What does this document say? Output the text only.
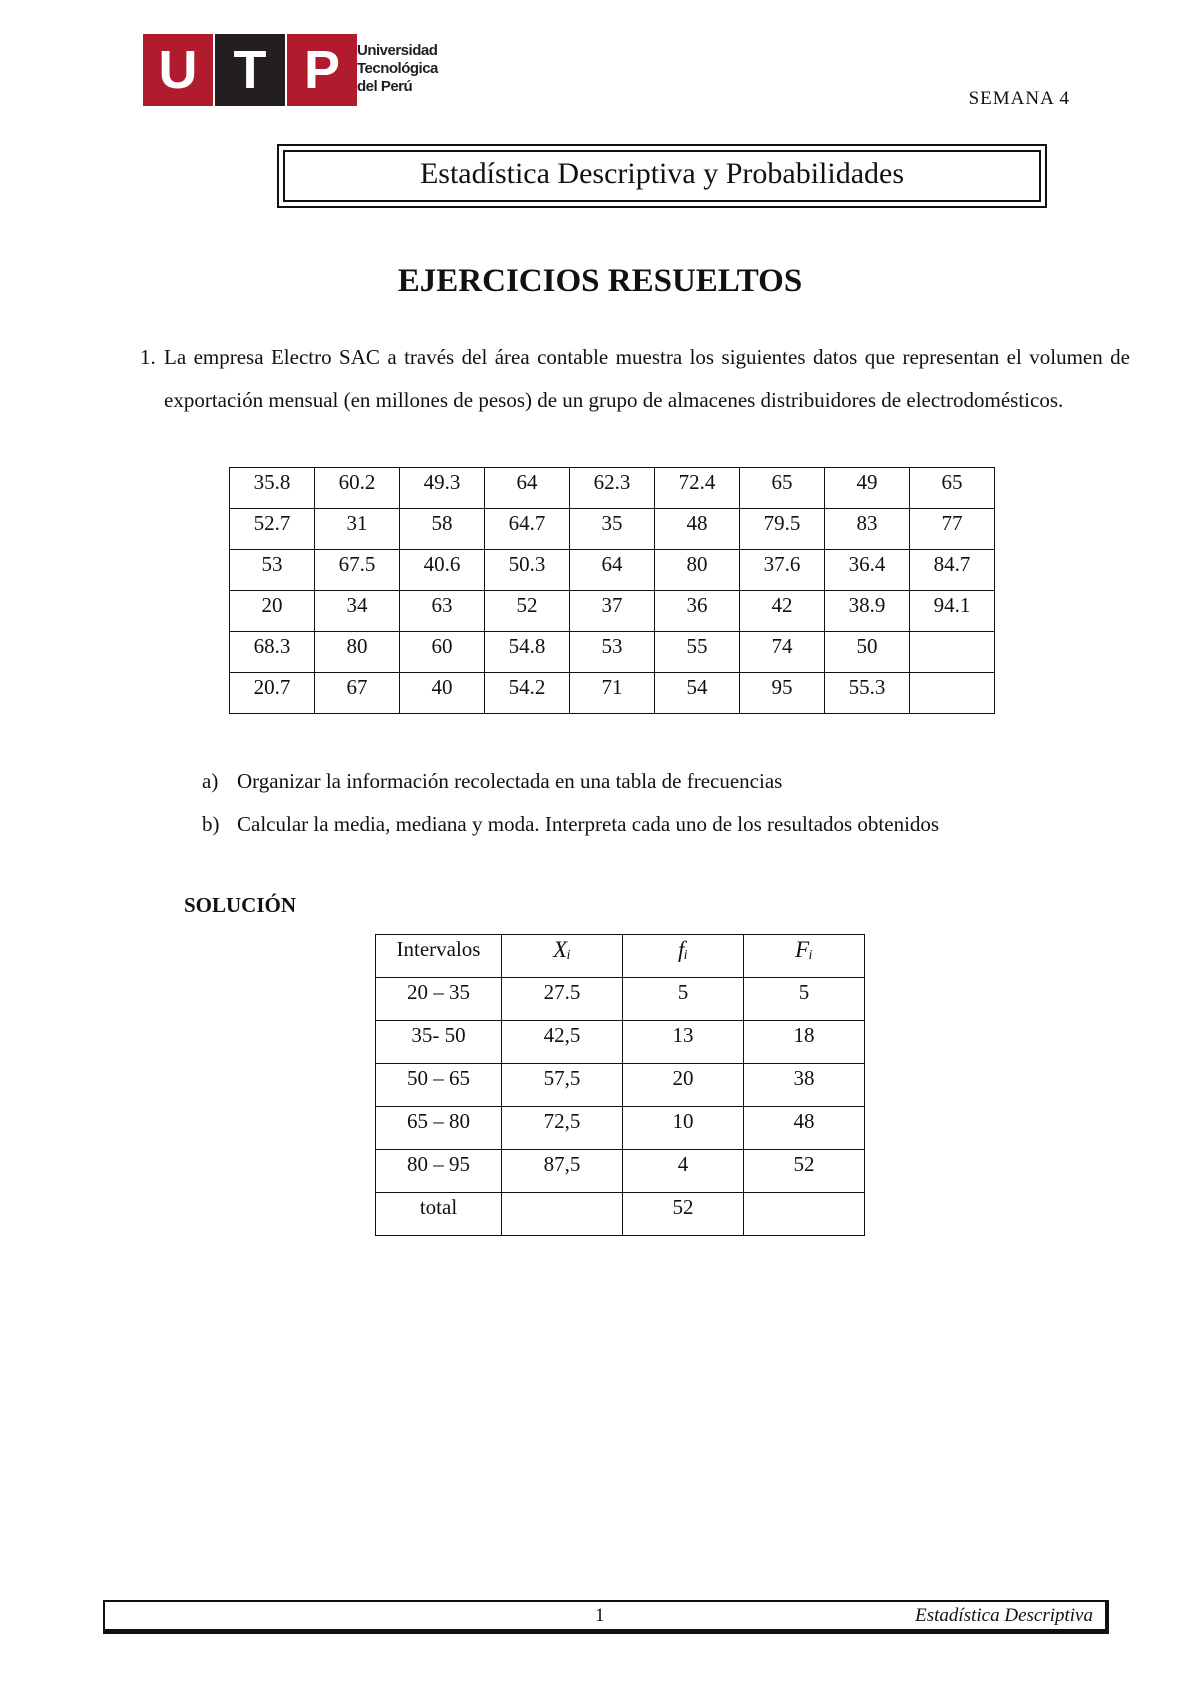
U T P	Universidad
Tecnológica
del Perú
SEMANA 4
Estadística Descriptiva y Probabilidades
EJERCICIOS RESUELTOS
1. La empresa Electro SAC a través del área contable muestra los siguientes datos que representan el volumen de exportación mensual (en millones de pesos) de un grupo de almacenes distribuidores de electrodomésticos.
35.8	60.2	49.3	64	62.3	72.4	65	49	65
52.7	31	58	64.7	35	48	79.5	83	77
53	67.5	40.6	50.3	64	80	37.6	36.4	84.7
20	34	63	52	37	36	42	38.9	94.1
68.3	80	60	54.8	53	55	74	50	
20.7	67	40	54.2	71	54	95	55.3	
a) Organizar la información recolectada en una tabla de frecuencias
b) Calcular la media, mediana y moda. Interpreta cada uno de los resultados obtenidos
SOLUCIÓN
Intervalos	Xᵢ	fᵢ	Fᵢ
20 – 35	27.5	5	5
35- 50	42,5	13	18
50 – 65	57,5	20	38
65 – 80	72,5	10	48
80 – 95	87,5	4	52
total		52	
1	Estadística Descriptiva
